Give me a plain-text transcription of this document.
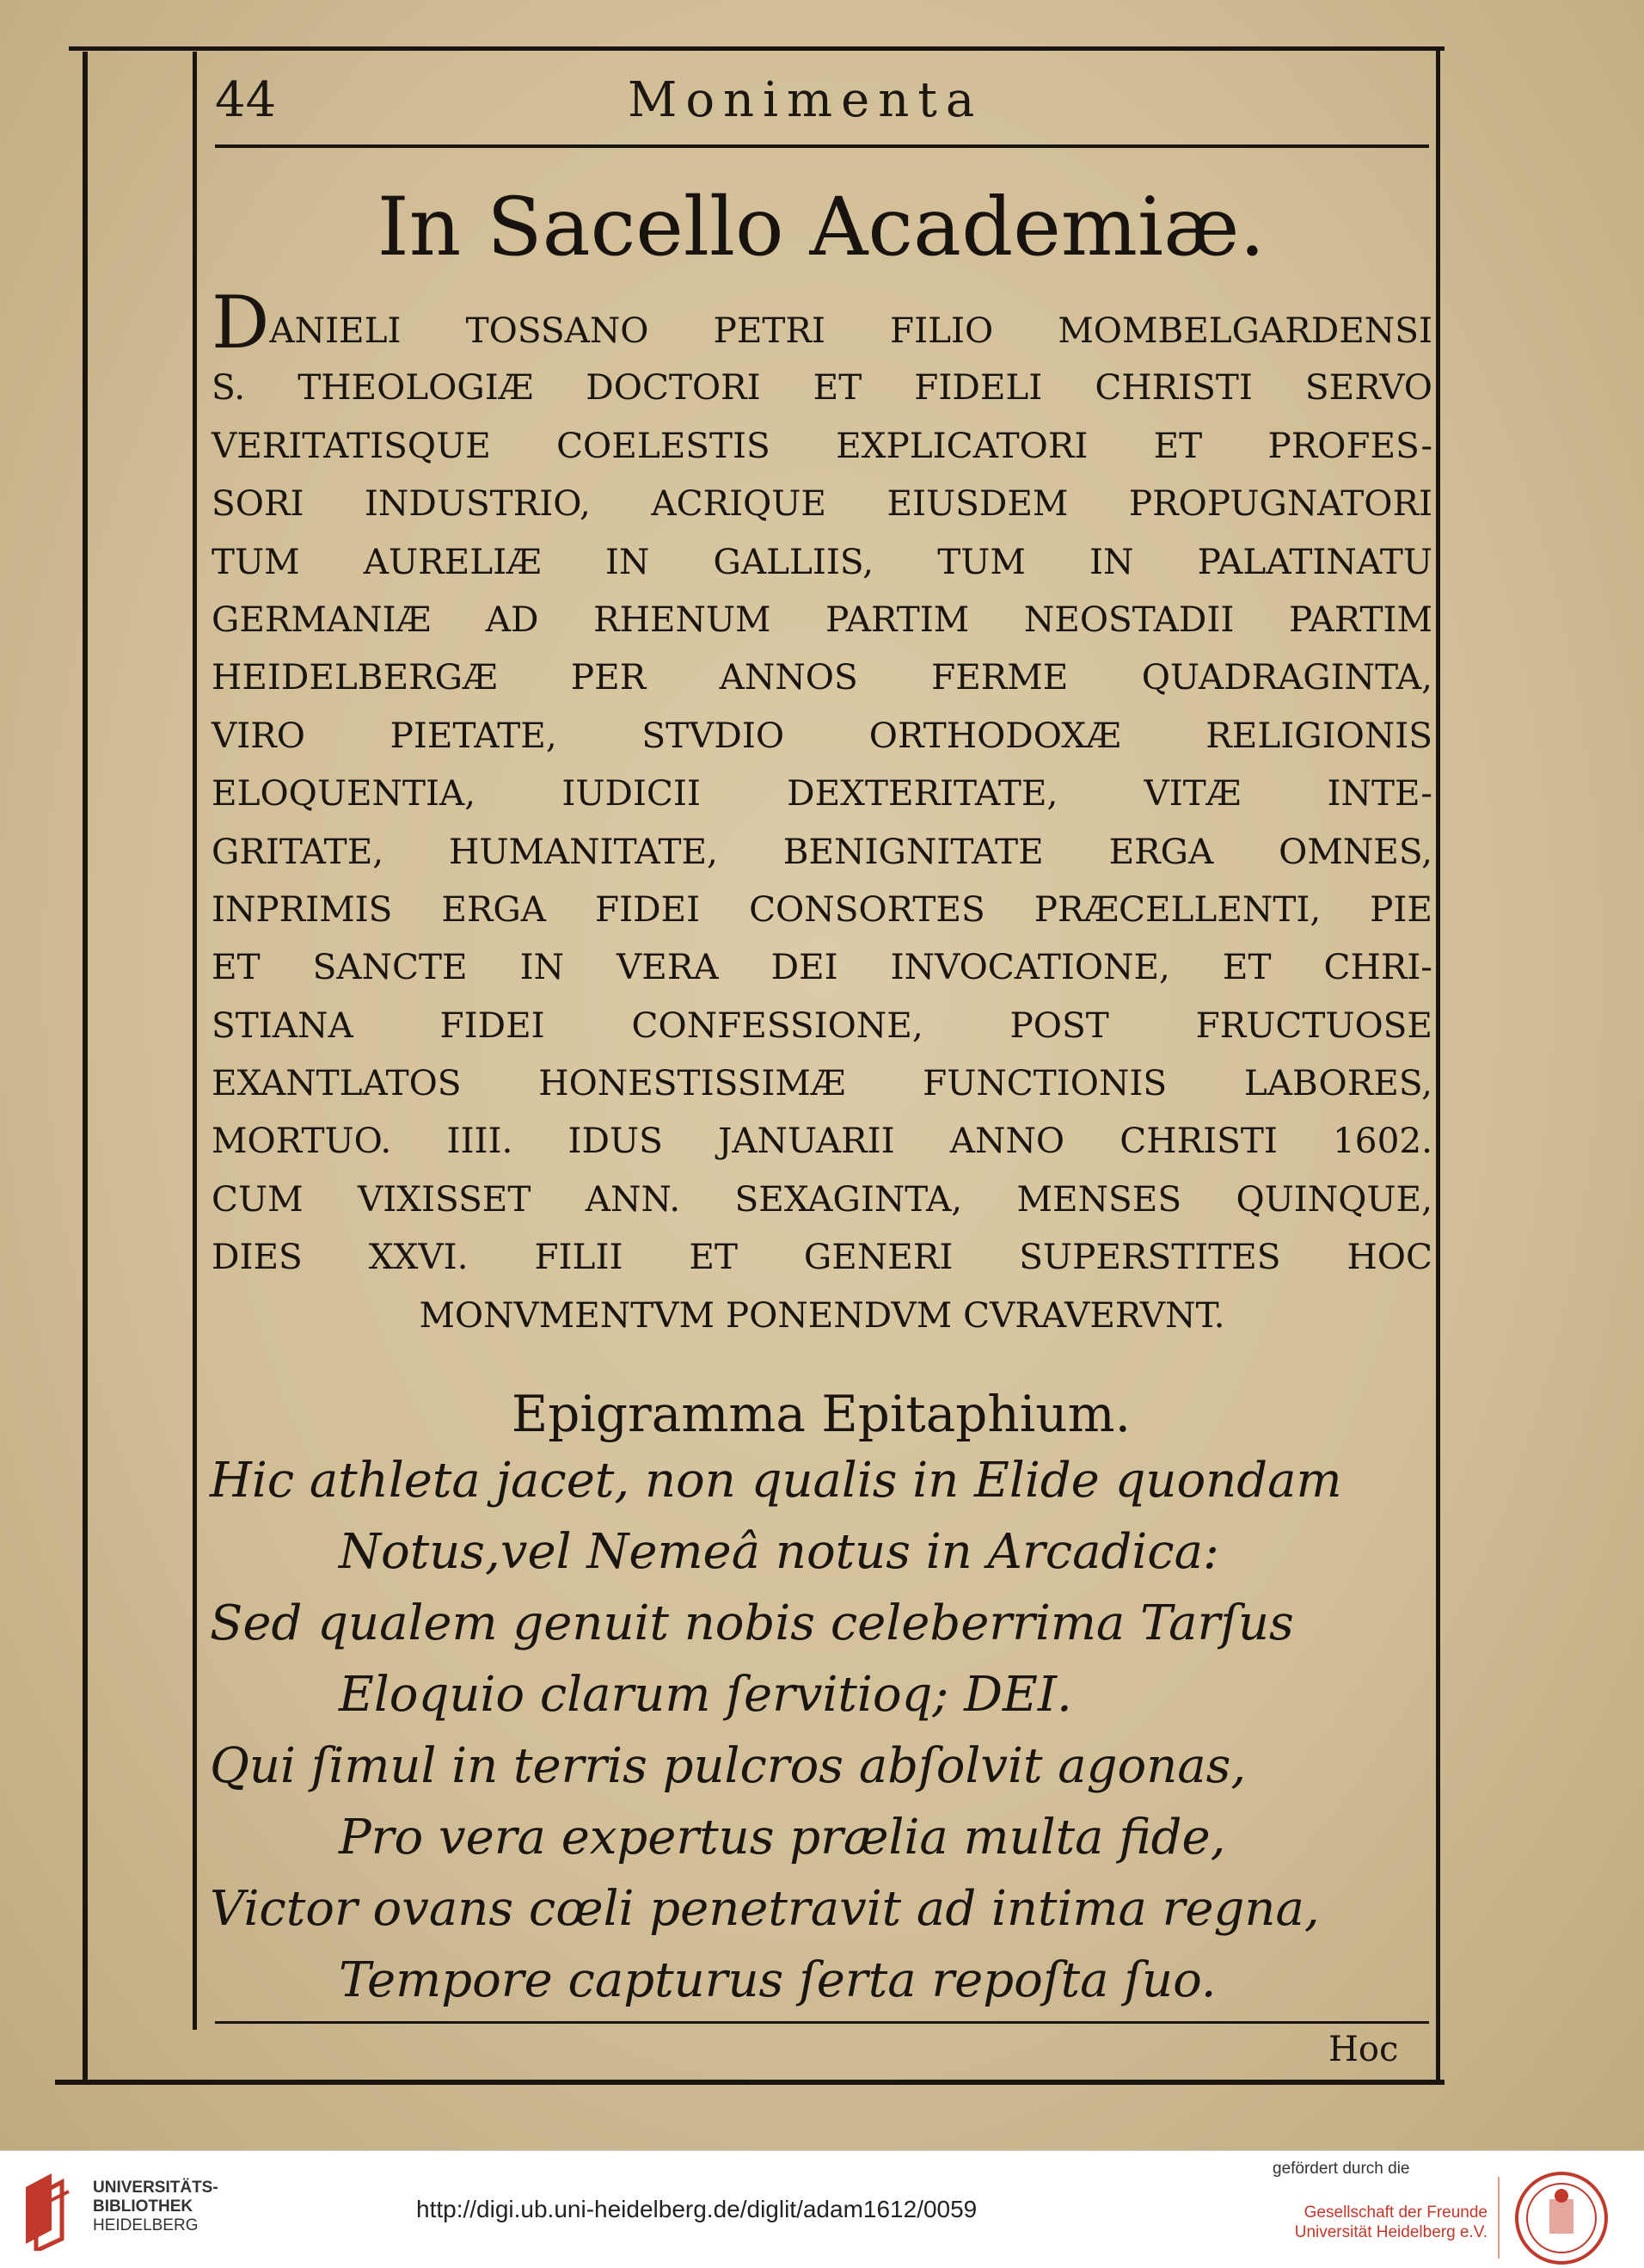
44	Monimenta
In Sacello Academiæ.
DANIELI TOSSANO PETRI FILIO MOMBELGARDENSI
S. THEOLOGIÆ DOCTORI ET FIDELI CHRISTI SERVO
VERITATISQUE COELESTIS EXPLICATORI ET PROFES-
SORI INDUSTRIO, ACRIQUE EIUSDEM PROPUGNATORI
TUM AURELIÆ IN GALLIIS, TUM IN PALATINATU
GERMANIÆ AD RHENUM PARTIM NEOSTADII PARTIM
HEIDELBERGÆ PER ANNOS FERME QUADRAGINTA,
VIRO PIETATE, STVDIO ORTHODOXÆ RELIGIONIS
ELOQUENTIA, IUDICII DEXTERITATE, VITÆ INTE-
GRITATE, HUMANITATE, BENIGNITATE ERGA OMNES,
INPRIMIS ERGA FIDEI CONSORTES PRÆCELLENTI, PIE
ET SANCTE IN VERA DEI INVOCATIONE, ET CHRI-
STIANA FIDEI CONFESSIONE, POST FRUCTUOSE
EXANTLATOS HONESTISSIMÆ FUNCTIONIS LABORES,
MORTUO. IIII. IDUS JANUARII ANNO CHRISTI 1602.
CUM VIXISSET ANN. SEXAGINTA, MENSES QUINQUE,
DIES XXVI. FILII ET GENERI SUPERSTITES HOC
MONVMENTVM PONENDVM CVRAVERVNT.
Epigramma Epitaphium.
Hic athleta jacet, non qualis in Elide quondam
Notus,vel Nemeâ notus in Arcadica:
Sed qualem genuit nobis celeberrima Tarſus
Eloquio clarum ſervitioq; DEI.
Qui ſimul in terris pulcros abſolvit agonas,
Pro vera expertus prælia multa fide,
Victor ovans cœli penetravit ad intima regna,
Tempore capturus ſerta repoſta ſuo.
Hoc
UNIVERSITÄTS-
BIBLIOTHEK
HEIDELBERG
http://digi.ub.uni-heidelberg.de/diglit/adam1612/0059
gefördert durch die
Gesellschaft der Freunde
Universität Heidelberg e.V.
